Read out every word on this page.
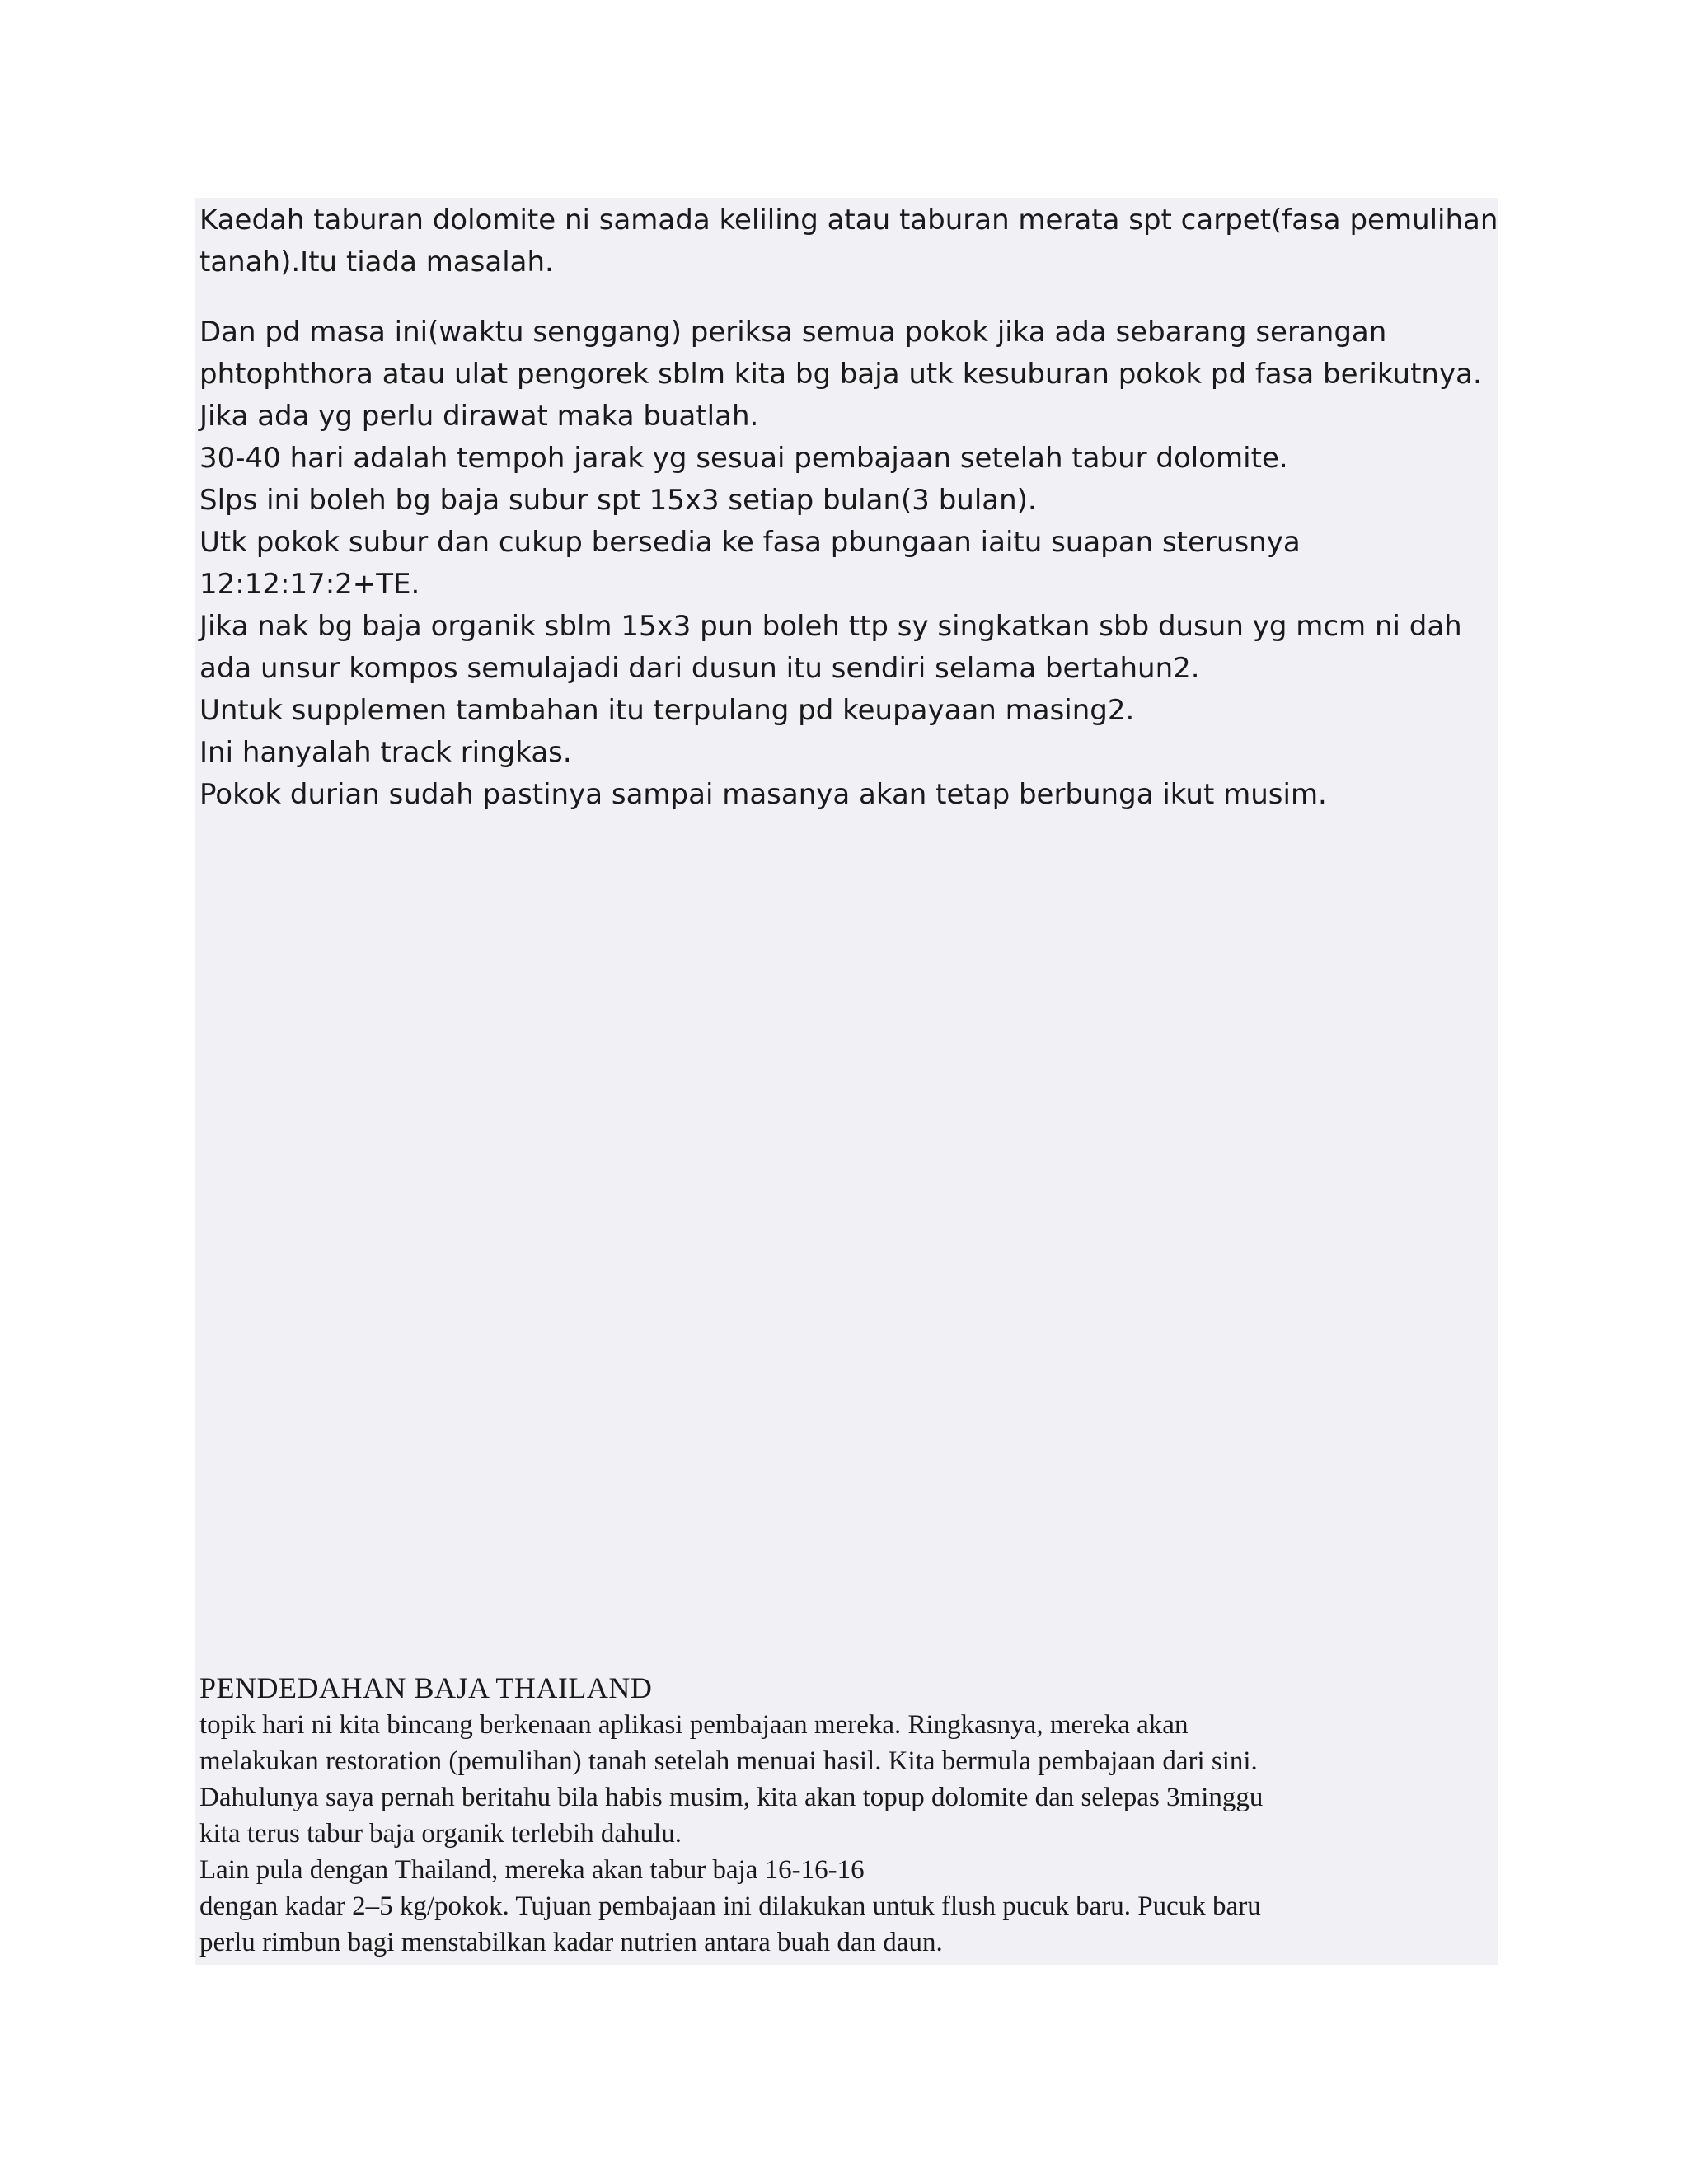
Kaedah taburan dolomite ni samada keliling atau taburan merata spt carpet(fasa pemulihan

tanah).Itu tiada masalah.

Dan pd masa ini(waktu senggang) periksa semua pokok jika ada sebarang serangan

phtophthora atau ulat pengorek sblm kita bg baja utk kesuburan pokok pd fasa berikutnya.

Jika ada yg perlu dirawat maka buatlah.

30-40 hari adalah tempoh jarak yg sesuai pembajaan setelah tabur dolomite.

Slps ini boleh bg baja subur spt 15x3 setiap bulan(3 bulan).

Utk pokok subur dan cukup bersedia ke fasa pbungaan iaitu suapan sterusnya

12:12:17:2+TE.

Jika nak bg baja organik sblm 15x3 pun boleh ttp sy singkatkan sbb dusun yg mcm ni dah

ada unsur kompos semulajadi dari dusun itu sendiri selama bertahun2.

Untuk supplemen tambahan itu terpulang pd keupayaan masing2.

Ini hanyalah track ringkas.

Pokok durian sudah pastinya sampai masanya akan tetap berbunga ikut musim.

PENDEDAHAN BAJA THAILAND

topik hari ni kita bincang berkenaan aplikasi pembajaan mereka. Ringkasnya, mereka akan

melakukan restoration (pemulihan) tanah setelah menuai hasil. Kita bermula pembajaan dari sini.

Dahulunya saya pernah beritahu bila habis musim, kita akan topup dolomite dan selepas 3minggu

kita terus tabur baja organik terlebih dahulu.

Lain pula dengan Thailand, mereka akan tabur baja 16-16-16

dengan kadar 2–5 kg/pokok. Tujuan pembajaan ini dilakukan untuk flush pucuk baru. Pucuk baru

perlu rimbun bagi menstabilkan kadar nutrien antara buah dan daun.
